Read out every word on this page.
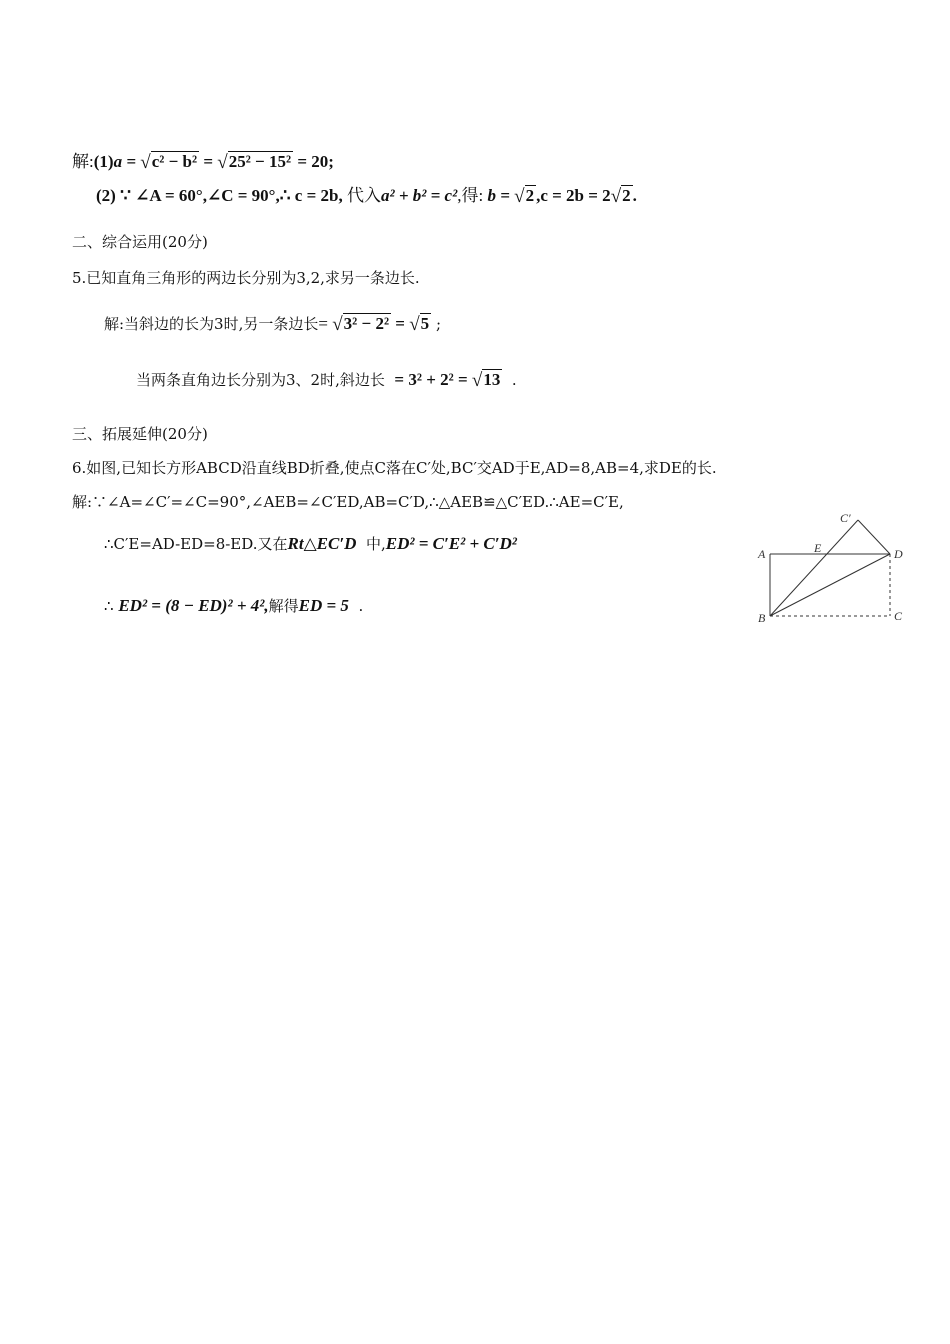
解:(1)a = √c² − b² = √25² − 15² = 20;
(2) ∵ ∠A = 60°,∠C = 90°,∴ c = 2b, 代入a² + b² = c²,得: b = √2 ,c = 2b = 2√2 .
二、综合运用(20分)
5.已知直角三角形的两边长分别为3,2,求另一条边长.
解:当斜边的长为3时,另一条边长= √3² − 2² = √5 ;
当两条直角边长分别为3、2时,斜边长 = 3² + 2² = √13 .
三、拓展延伸(20分)
6.如图,已知长方形ABCD沿直线BD折叠,使点C落在C′处,BC′交AD于E,AD=8,AB=4,求DE的长.
解:∵∠A=∠C′=∠C=90°,∠AEB=∠C′ED,AB=C′D,∴△AEB≌△C′ED.∴AE=C′E,
∴C′E=AD-ED=8-ED.又在Rt△EC′D 中,ED² = C′E² + C′D²
∴ ED² = (8 − ED)² + 4²,解得ED = 5 .
A
B	C
D
E
C′
